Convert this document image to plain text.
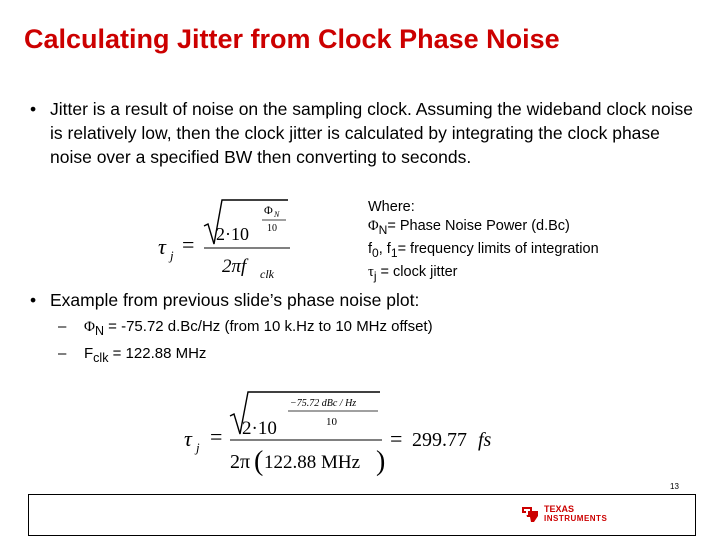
Calculating Jitter from Clock Phase Noise
• Jitter is a result of noise on the sampling clock. Assuming the wideband clock noise is relatively low, then the clock jitter is calculated by integrating the clock phase noise over a specified BW then converting to seconds.
τ j = 2·10
Φ N
10
2πf clk
Where:
$\Phi_N=$ Phase Noise Power (d.Bc)
$f_0$, $f_1=$ frequency limits of integration
$\tau_j$ = clock jitter
• Example from previous slide’s phase noise plot:
– $\Phi_N = -75.72$ d.Bc/Hz (from 10 k.Hz to 10 MHz offset)
– $F_{clk} = 122.88$ MHz
τ j = 2·10
−75.72 dBc / Hz
10
2π ( 122.88 MHz )
= 299.77 fs
13
TEXAS
INSTRUMENTS
